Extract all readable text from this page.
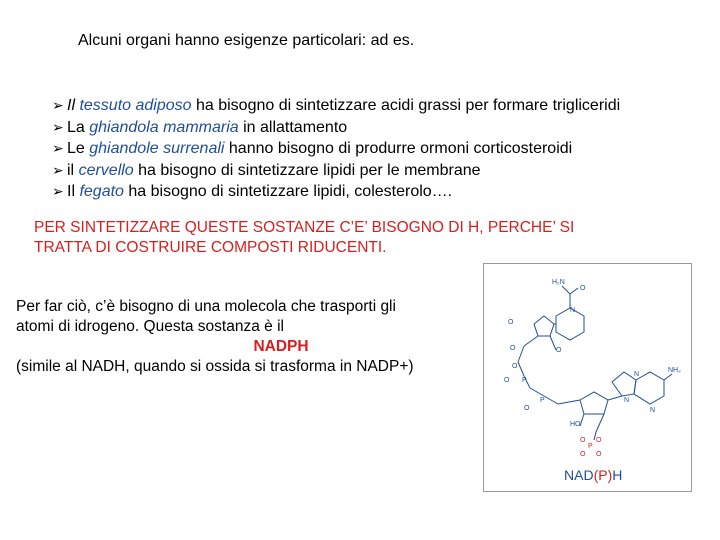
Alcuni organi hanno esigenze particolari: ad es.
➢ Il tessuto adiposo ha bisogno di sintetizzare acidi grassi per formare trigliceridi
➢ La ghiandola mammaria in allattamento
➢ Le ghiandole surrenali hanno bisogno di produrre ormoni corticosteroidi
➢ il cervello ha bisogno di sintetizzare lipidi per le membrane
➢ Il fegato ha bisogno di sintetizzare lipidi, colesterolo….
PER SINTETIZZARE QUESTE SOSTANZE C’E’ BISOGNO DI H, PERCHE’ SI
TRATTA DI COSTRUIRE COMPOSTI RIDUCENTI.
Per far ciò, c’è bisogno di una molecola che trasporti gli
atomi di idrogeno. Questa sostanza è il
NADPH
(simile al NADH, quando si ossida si trasforma in NADP+)
H₂N
O
N
O
O	O
O P
O
P
O
HO
NH₂
N
N
N
P
O O
O O
NAD(P)H
